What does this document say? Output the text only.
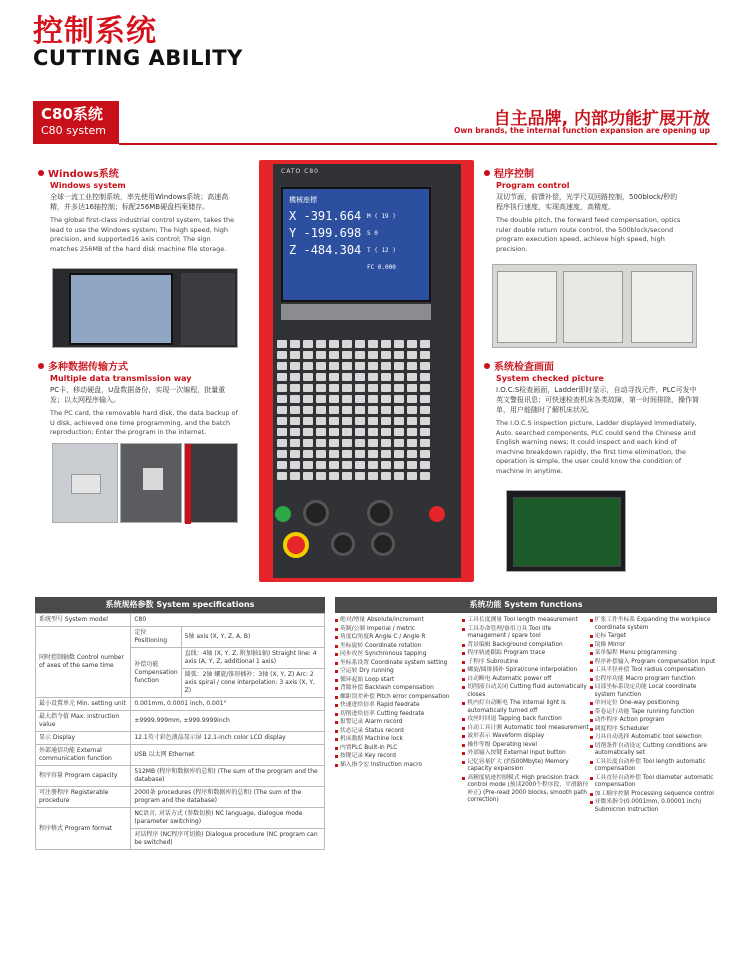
控制系统
CUTTING ABILITY
C80系统
C80 system
自主品牌, 内部功能扩展开放
Own brands, the internal function expansion are opening up
Windows系统
Windows system
全球一流工业控制系统，率先使用Windows系统；高速高精，并多达16轴控制；标配256MB硬盘档案储存。
The global first-class industrial control system, takes the lead to use the Windows system; The high speed, high precision, and supported16 axis control; The sign matches 256MB of the hard disk machine file storage.
多种数据传输方式
Multiple data transmission way
PC卡，移动硬盘，U盘数据备份，实现一次编程，批量重发；以太网程序输入。
The PC card, the removable hard disk, the data backup of U disk, achieved one time programming, and the batch reproduction; Enter the program in the internet.
程序控制
Program control
双切节面，前馈补偿，光学尺双回路控制，500block/秒的程序执行速度，实现高速度，高精度。
The double pitch, the forward feed compensation, optics ruler double return route control, the 500block/second program execution speed, achieve high speed, high precision.
系统检查画面
System checked picture
I.O.C.S检查画面，Ladder即时显示，自动寻找元件，PLC可发中英文警报讯息；可快速检查机床各类故障，第一时间排除，操作简单，用户能随时了解机床状况。
The I.O.C.S inspection picture, Ladder displayed immediately, Auto. searched components, PLC could send the Chinese and English warning news; It could inspect and each kind of machine breakdown rapidly, the first time elimination, the operation is simple, the user could know the condition of machine in anytime.
CATO C80
機械座標
X -391.664
Y -199.698
Z -484.304
M ( 19 )
S 0
T ( 12 )
FC 0.000
系统规格参数 System specifications
系统型号 System model	C80	
同时控制轴数 Control number of axes of the same time	定位 Positioning	5轴 axis (X, Y, Z, A, B)
	补偿功能 Compensation function	直线：4轴 (X, Y, Z, 附加轴1轴) Straight line: 4 axis (A, Y, Z, additional 1 axis)
		圆弧：2轴 螺旋/锥形插补：3轴 (X, Y, Z) Arc: 2 axis spiral / cone interpolation: 3 axis (X, Y, Z)
最小设置单元 Min. setting unit	0.001mm, 0.0001 inch, 0.001°	
最大指令值 Max. instruction value	±9999.999mm, ±999.9999inch	
显示 Display	12.1英寸彩色液晶显示屏 12.1-inch color LCD display	
外部通信功能 External communication function	USB 以太网 Ethernet	
程序容量 Program capacity	512MB (程序和数据库的总和) (The sum of the program and the database)	
可注册程序 Registerable procedure	2000条 procedures (程序和数据库的总和) (The sum of the program and the database)	
程序格式 Program format	NC语言, 对话方式 (参数切换) NC language, dialogue mode (parameter switching)	
	对话程序 (NC程序可切换) Dialogue procedure (NC program can be switched)	
系统功能 System functions
绝对/增量 Absolute/increment
英制/公制 Imperial / metric
角度C/角度R Angle C / Angle R
坐标旋转 Coordinate rotation
同步攻丝 Synchronous tapping
坐标系设置 Coordinate system setting
空运转 Dry running
循环起始 Loop start
背隙补偿 Backlash compensation
螺距误差补偿 Pitch error compensation
快速进给倍率 Rapid feedrate
切削进给倍率 Cutting feedrate
报警记录 Alarm record
状态记录 Status record
机床数据 Machine lock
内置PLC Built-in PLC
按键记录 Key record
插入指令宏 Instruction macro
工具长度测量 Tool length measurement
工具寿命管理/备用刀具 Tool life management / spare tool
背景编辑 Background compilation
程序轨迹跟踪 Program trace
子程序 Subroutine
螺旋/圆锥插补 Spiral/cone interpolation
自动断电 Automatic power off
切削液自动关闭 Cutting fluid automatically closes
机内灯自动断电 The internal light is automatically turned off
攻丝时回退 Tapping back function
自动工具计测 Automatic tool measurement
波形表示 Waveform display
操作等级 Operating level
外部输入按键 External input button
记忆容量扩大 (约500Mbyte) Memory capacity expansion
高精度轨迹控制模式 High precision track control mode (预读2000个程序段，平滑路径补正) (Pre-read 2000 blocks, smooth path correction)
扩张工件坐标系 Expanding the workpiece coordinate system
定标 Target
镜像 Mirror
菜单编程 Menu programming
程序补偿输入 Program compensation input
工具半径补偿 Tool radius compensation
宏程序功能 Macro program function
局部坐标系设定功能 Local coordinate system function
单向定位 One-way positioning
带卷运行功能 Tape running function
动作程序 Action program
调度程序 Scheduler
刀具自动选择 Automatic tool selection
切削条件自动设定 Cutting conditions are automatically set
工具长度自动补偿 Tool length automatic compensation
工具直径自动补偿 Tool diameter automatic compensation
加工顺序控制 Processing sequence control
亚微米指令(0.0001mm, 0.00001 inch) Submicron instruction
